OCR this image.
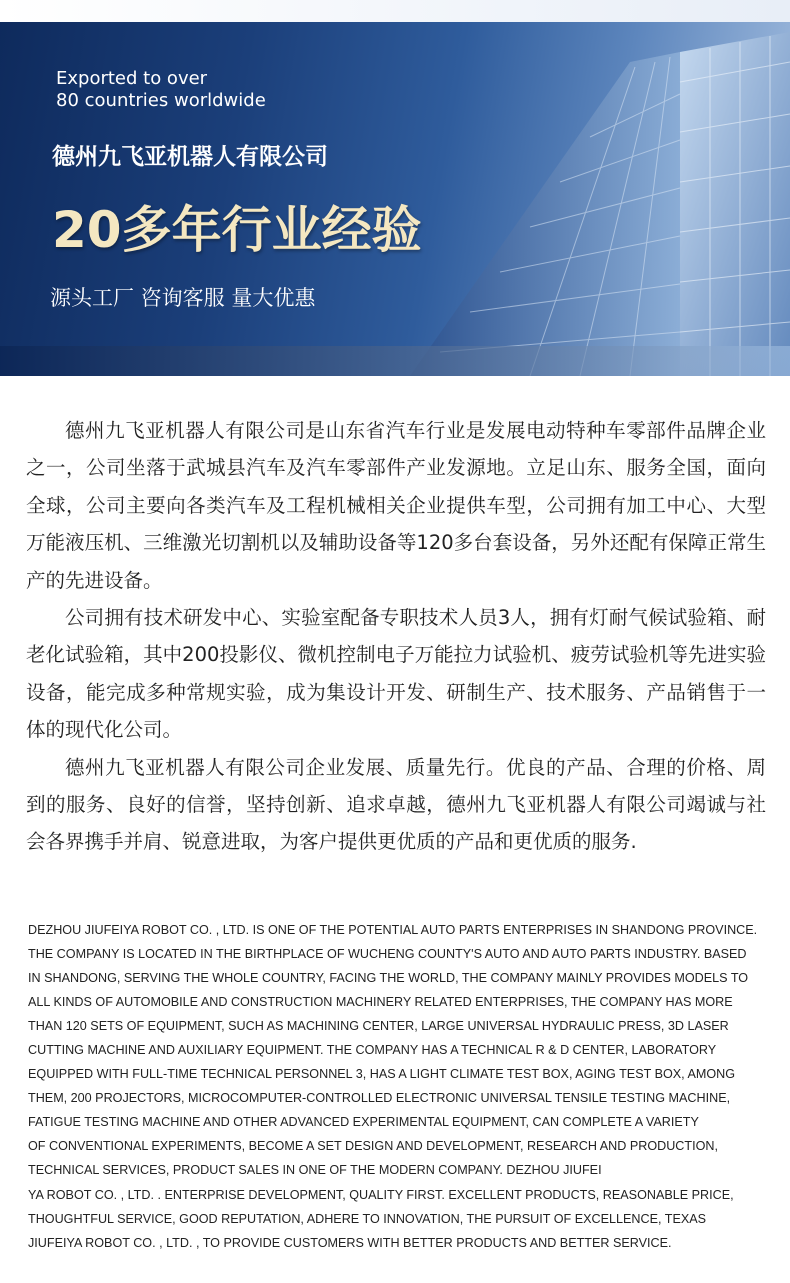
Exported to over
80 countries worldwide
德州九飞亚机器人有限公司
20多年行业经验
源头工厂 咨询客服 量大优惠

德州九飞亚机器人有限公司是山东省汽车行业是发展电动特种车零部件品牌企业之一，公司坐落于武城县汽车及汽车零部件产业发源地。立足山东、服务全国，面向全球，公司主要向各类汽车及工程机械相关企业提供车型，公司拥有加工中心、大型万能液压机、三维激光切割机以及辅助设备等120多台套设备，另外还配有保障正常生产的先进设备。

公司拥有技术研发中心、实验室配备专职技术人员3人，拥有灯耐气候试验箱、耐老化试验箱，其中200投影仪、微机控制电子万能拉力试验机、疲劳试验机等先进实验设备，能完成多种常规实验，成为集设计开发、研制生产、技术服务、产品销售于一体的现代化公司。

德州九飞亚机器人有限公司企业发展、质量先行。优良的产品、合理的价格、周到的服务、良好的信誉，坚持创新、追求卓越，德州九飞亚机器人有限公司竭诚与社会各界携手并肩、锐意进取，为客户提供更优质的产品和更优质的服务.

DEZHOU JIUFEIYA ROBOT CO. , LTD. IS ONE OF THE POTENTIAL AUTO PARTS ENTERPRISES IN SHANDONG PROVINCE.
THE COMPANY IS LOCATED IN THE BIRTHPLACE OF WUCHENG COUNTY'S AUTO AND AUTO PARTS INDUSTRY. BASED
IN SHANDONG, SERVING THE WHOLE COUNTRY, FACING THE WORLD, THE COMPANY MAINLY PROVIDES MODELS TO
ALL KINDS OF AUTOMOBILE AND CONSTRUCTION MACHINERY RELATED ENTERPRISES, THE COMPANY HAS MORE
THAN 120 SETS OF EQUIPMENT, SUCH AS MACHINING CENTER, LARGE UNIVERSAL HYDRAULIC PRESS, 3D LASER
CUTTING MACHINE AND AUXILIARY EQUIPMENT. THE COMPANY HAS A TECHNICAL R & D CENTER, LABORATORY
EQUIPPED WITH FULL-TIME TECHNICAL PERSONNEL 3, HAS A LIGHT CLIMATE TEST BOX, AGING TEST BOX, AMONG
THEM, 200 PROJECTORS, MICROCOMPUTER-CONTROLLED ELECTRONIC UNIVERSAL TENSILE TESTING MACHINE,
FATIGUE TESTING MACHINE AND OTHER ADVANCED EXPERIMENTAL EQUIPMENT, CAN COMPLETE A VARIETY
OF CONVENTIONAL EXPERIMENTS, BECOME A SET DESIGN AND DEVELOPMENT, RESEARCH AND PRODUCTION,
TECHNICAL SERVICES, PRODUCT SALES IN ONE OF THE MODERN COMPANY. DEZHOU JIUFEI
YA ROBOT CO. , LTD. . ENTERPRISE DEVELOPMENT, QUALITY FIRST. EXCELLENT PRODUCTS, REASONABLE PRICE,
THOUGHTFUL SERVICE, GOOD REPUTATION, ADHERE TO INNOVATION, THE PURSUIT OF EXCELLENCE, TEXAS
JIUFEIYA ROBOT CO. , LTD. , TO PROVIDE CUSTOMERS WITH BETTER PRODUCTS AND BETTER SERVICE.
